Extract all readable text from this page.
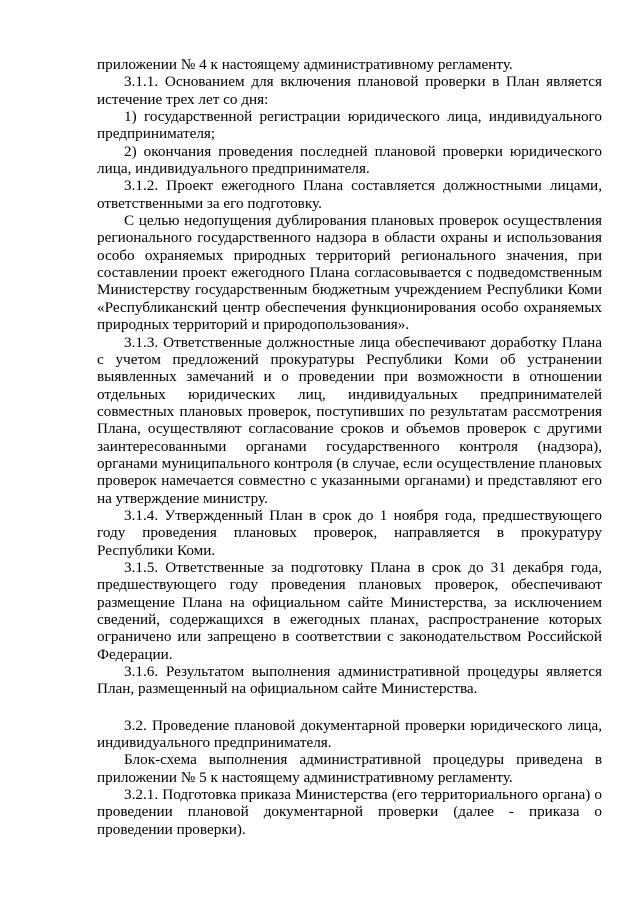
приложении № 4 к настоящему административному регламенту.

3.1.1. Основанием для включения плановой проверки в План является истечение трех лет со дня:

1) государственной регистрации юридического лица, индивидуального предпринимателя;

2) окончания проведения последней плановой проверки юридического лица, индивидуального предпринимателя.

3.1.2. Проект ежегодного Плана составляется должностными лицами, ответственными за его подготовку.

С целью недопущения дублирования плановых проверок осуществления регионального государственного надзора в области охраны и использования особо охраняемых природных территорий регионального значения, при составлении проект ежегодного Плана согласовывается с подведомственным Министерству государственным бюджетным учреждением Республики Коми «Республиканский центр обеспечения функционирования особо охраняемых природных территорий и природопользования».

3.1.3. Ответственные должностные лица обеспечивают доработку Плана с учетом предложений прокуратуры Республики Коми об устранении выявленных замечаний и о проведении при возможности в отношении отдельных юридических лиц, индивидуальных предпринимателей совместных плановых проверок, поступивших по результатам рассмотрения Плана, осуществляют согласование сроков и объемов проверок с другими заинтересованными органами государственного контроля (надзора), органами муниципального контроля (в случае, если осуществление плановых проверок намечается совместно с указанными органами) и представляют его на утверждение министру.

3.1.4. Утвержденный План в срок до 1 ноября года, предшествующего году проведения плановых проверок, направляется в прокуратуру Республики Коми.

3.1.5. Ответственные за подготовку Плана в срок до 31 декабря года, предшествующего году проведения плановых проверок, обеспечивают размещение Плана на официальном сайте Министерства, за исключением сведений, содержащихся в ежегодных планах, распространение которых ограничено или запрещено в соответствии с законодательством Российской Федерации.

3.1.6. Результатом выполнения административной процедуры является План, размещенный на официальном сайте Министерства.

3.2. Проведение плановой документарной проверки юридического лица, индивидуального предпринимателя.

Блок-схема выполнения административной процедуры приведена в приложении № 5 к настоящему административному регламенту.

3.2.1. Подготовка приказа Министерства (его территориального органа) о проведении плановой документарной проверки (далее - приказа о проведении проверки).
